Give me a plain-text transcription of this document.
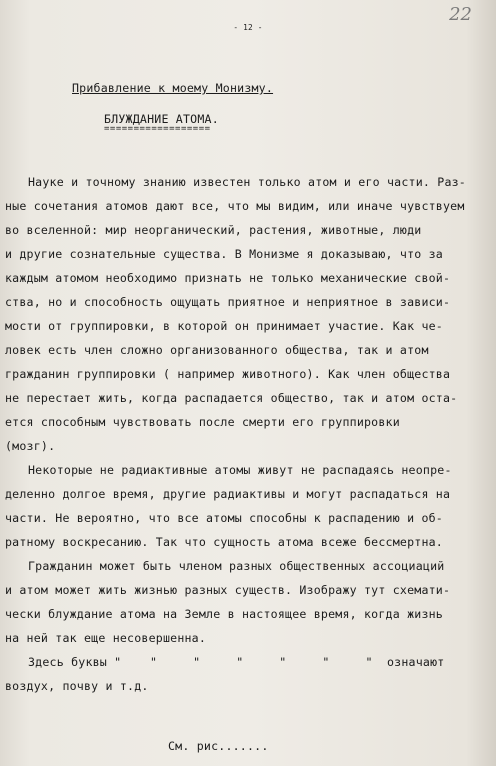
22
- 12 -
Прибавление к моему Монизму.
БЛУЖДАНИЕ АТОМА.
==================
Науке и точному знанию известен только атом и его части. Раз-
ные сочетания атомов дают все, что мы видим, или иначе чувствуем
во вселенной: мир неорганический, растения, животные, люди
и другие сознательные существа. В Монизме я доказываю, что за
каждым атомом необходимо признать не только механические свой-
ства, но и способность ощущать приятное и неприятное в зависи-
мости от группировки, в которой он принимает участие. Как че-
ловек есть член сложно организованного общества, так и атом
гражданин группировки ( например животного). Как член общества
не перестает жить, когда распадается общество, так и атом оста-
ется способным чувствовать после смерти его группировки
(мозг).
Некоторые не радиактивные атомы живут не распадаясь неопре-
деленно долгое время, другие радиактивы и могут распадаться на
части. Не вероятно, что все атомы способны к распадению и об-
ратному воскресанию. Так что сущность атома всеже бессмертна.
Гражданин может быть членом разных общественных ассоциаций
и атом может жить жизнью разных существ. Изображу тут схемати-
чески блуждание атома на Земле в настоящее время, когда жизнь
на ней так еще несовершенна.
Здесь буквы "    "     "     "     "     "     "  означают
воздух, почву и т.д.
См. рис.......
